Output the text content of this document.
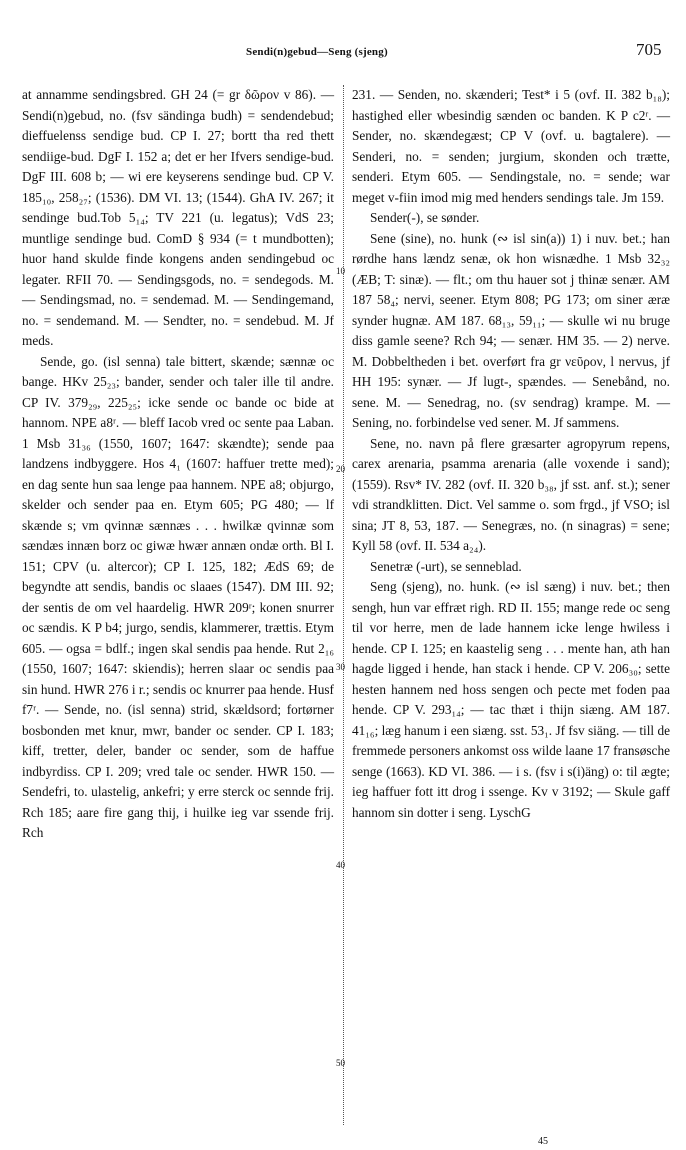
Sendi(n)gebud—Seng (sjeng)	705

at annamme sendingsbred. GH 24 (= gr δῶρον v 86). — Sendi(n)gebud, no. (fsv sändinga budh) = sendendebud; dieffuelenss sendige bud. CP I. 27; bortt tha red thett sendiige-bud. DgF I. 152 a; det er her Ifvers sendige-bud. DgF III. 608 b; — wi ere keyserens sendinge bud. CP V. 185₁₀, 258₂₇; (1536). DM VI. 13; (1544). GhA IV. 267; it sendinge bud.Tob 5₁₄; TV 221 (u. legatus); VdS 23; muntlige sendinge bud. ComD § 934 (= t mundbotten); huor hand skulde finde kongens anden sendingebud oc legater. RFII 70. — Sendingsgods, no. = sendegods. M. — Sendingsmad, no. = sendemad. M. — Sendingemand, no. = sendemand. M. — Sendter, no. = sendebud. M. Jf meds.

Sende, go. (isl senna) tale bittert, skænde; sænnæ oc bange. HKv 25₂₃; bander, sender och taler ille til andre. CP IV. 379₂₉, 225₂₅; icke sende oc bande oc bide at hannom. NPE a8ʳ. — bleff Iacob vred oc sente paa Laban. 1 Msb 31₃₆ (1550, 1607; 1647: skændte); sende paa landzens indbyggere. Hos 4₁ (1607: haffuer trette med); en dag sente hun saa lenge paa hannem. NPE a8; objurgo, skelder och sender paa en. Etym 605; PG 480; — lf skænde s; vm qvinnæ sænnæs . . . hwilkæ qvinnæ som sændæs innæn borz oc giwæ hwær annæn ondæ orth. Bl I. 151; CPV (u. altercor); CP I. 125, 182; ÆdS 69; de begyndte att sendis, bandis oc slaaes (1547). DM III. 92; der sentis de om vel haardelig. HWR 209ʳ; konen snurrer oc sændis. K P b4; jurgo, sendis, klammerer, trættis. Etym 605. — ogsa = bdlf.; ingen skal sendis paa hende. Rut 2₁₆ (1550, 1607; 1647: skiendis); herren slaar oc sendis paa sin hund. HWR 276 i r.; sendis oc knurrer paa hende. Husf f7ʳ. — Sende, no. (isl senna) strid, skældsord; fortørner bosbonden met knur, mwr, bander oc sender. CP I. 183; kiff, tretter, deler, bander oc sender, som de haffue indbyrdiss. CP I. 209; vred tale oc sender. HWR 150. — Sendefri, to. ulastelig, ankefri; y erre sterck oc sennde frij. Rch 185; aare fire gang thij, i huilke ieg var ssende frij. Rch

10
20
30
40
50

231. — Senden, no. skænderi; Test* i 5 (ovf. II. 382 b₁₈); hastighed eller wbesindig sænden oc banden. K P c2ʳ. — Sender, no. skændegæst; CP V (ovf. u. bagtalere). — Senderi, no. = senden; jurgium, skonden och trætte, senderi. Etym 605. — Sendingstale, no. = sende; war meget v-fiin imod mig med henders sendings tale. Jm 159.

Sender(-), se sønder.

Sene (sine), no. hunk (∾ isl sin(a)) 1) i nuv. bet.; han rørdhe hans lændz senæ, ok hon wisnædhe. 1 Msb 32₃₂ (ÆB; T: sinæ). — flt.; om thu hauer sot j thinæ senær. AM 187 58₄; nervi, seener. Etym 808; PG 173; om siner æræ synder hugnæ. AM 187. 68₁₃, 59₁₁; — skulle wi nu bruge diss gamle seene? Rch 94; — senær. HM 35. — 2) nerve. M. Dobbeltheden i bet. overført fra gr νεῦρον, l nervus, jf HH 195: synær. — Jf lugt-, spændes. — Senebånd, no. sene. M. — Senedrag, no. (sv sendrag) krampe. M. — Sening, no. forbindelse ved sener. M. Jf sammens.

Sene, no. navn på flere græsarter agropyrum repens, carex arenaria, psamma arenaria (alle voxende i sand); (1559). Rsv* IV. 282 (ovf. II. 320 b₃₈, jf sst. anf. st.); sener vdi strandklitten. Dict. Vel samme o. som frgd., jf VSO; isl sina; JT 8, 53, 187. — Senegræs, no. (n sinagras) = sene; Kyll 58 (ovf. II. 534 a₂₄).

Senetræ (-urt), se senneblad.

Seng (sjeng), no. hunk. (∾ isl sæng) i nuv. bet.; then sengh, hun var effræt righ. RD II. 155; mange rede oc seng til vor herre, men de lade hannem icke lenge hwiless i hende. CP I. 125; en kaastelig seng . . . mente han, ath han hagde ligged i hende, han stack i hende. CP V. 206₃₀; sette hesten hannem ned hoss sengen och pecte met foden paa hende. CP V. 293₁₄; — tac thæt i thijn siæng. AM 187. 41₁₆; læg hanum i een siæng. sst. 53₁. Jf fsv siäng. — till de fremmede personers ankomst oss wilde laane 17 fransøsche senge (1663). KD VI. 386. — i s. (fsv i s(i)äng) o: til ægte; ieg haffuer fott itt drog i ssenge. Kv v 3192; — Skule gaff hannom sin dotter i seng. LyschG

45
